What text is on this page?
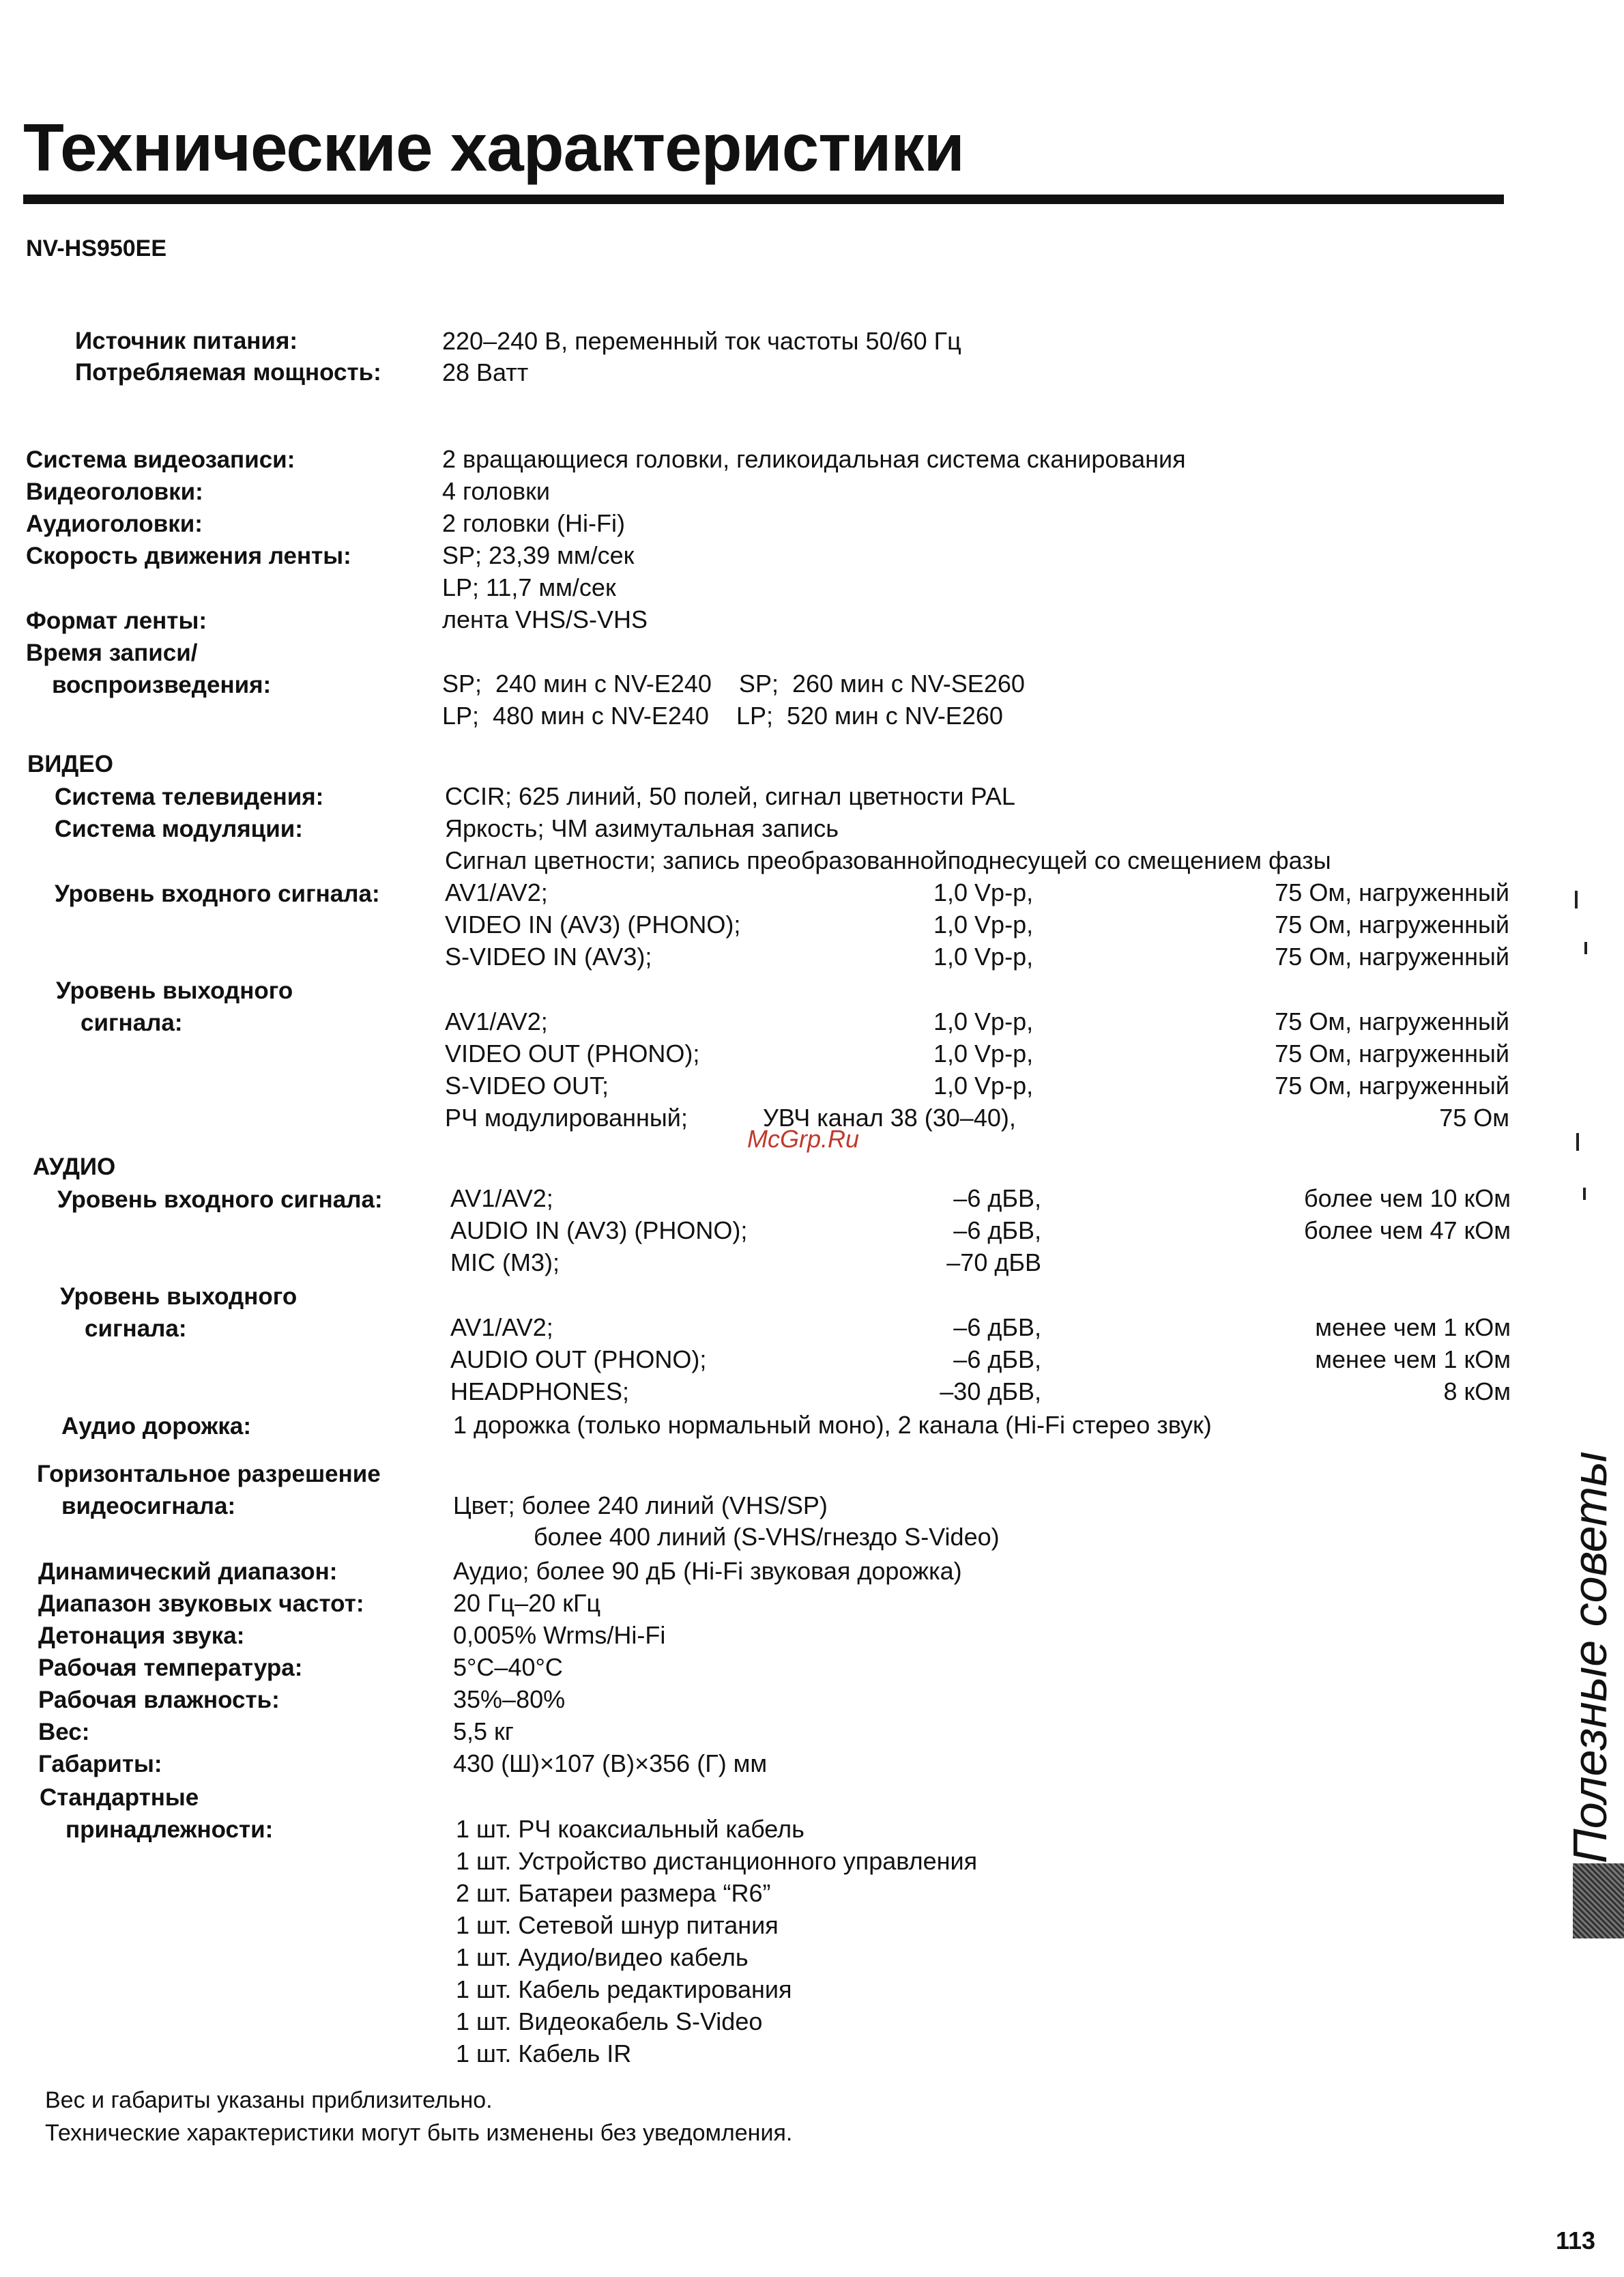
Технические характеристики
NV-HS950EE
Источник питания:	220–240 В, переменный ток частоты 50/60 Гц
Потребляемая мощность: 28 Ватт
Система видеозаписи:	2 вращающиеся головки, геликоидальная система сканирования
Видеоголовки:	4 головки
Аудиоголовки:	2 головки (Hi-Fi)
Скорость движения ленты:	SP; 23,39 мм/сек
LP; 11,7 мм/сек
Формат ленты:	лента VHS/S-VHS
Время записи/
воспроизведения:	SP;  240 мин с NV-E240    SP;  260 мин с NV-SE260
LP;  480 мин с NV-E240    LP;  520 мин с NV-E260
ВИДЕО
Система телевидения:	CCIR; 625 линий, 50 полей, сигнал цветности PAL
Система модуляции:	Яркость; ЧМ азимутальная запись
Сигнал цветности; запись преобразованнойподнесущей со смещением фазы
Уровень входного сигнала:	AV1/AV2;	1,0 Vp-p,	75 Ом, нагруженный
VIDEO IN (AV3) (PHONO);	1,0 Vp-p,	75 Ом, нагруженный
S-VIDEO IN (AV3);	1,0 Vp-p,	75 Ом, нагруженный
Уровень выходного
сигнала:	AV1/AV2;	1,0 Vp-p,	75 Ом, нагруженный
VIDEO OUT (PHONO);	1,0 Vp-p,	75 Ом, нагруженный
S-VIDEO OUT;	1,0 Vp-p,	75 Ом, нагруженный
РЧ модулированный;	УВЧ канал 38 (30–40),	75 Ом
McGrp.Ru
АУДИО
Уровень входного сигнала:	AV1/AV2;	–6 дБВ,	более чем 10 кОм
AUDIO IN (AV3) (PHONO);	–6 дБВ,	более чем 47 кОм
MIC (M3);	–70 дБВ
Уровень выходного
сигнала:	AV1/AV2;	–6 дБВ,	менее чем 1 кОм
AUDIO OUT (PHONO);	–6 дБВ,	менее чем 1 кОм
HEADPHONES;	–30 дБВ,	8 кОм
Аудио дорожка:	1 дорожка (только нормальный моно), 2 канала (Hi-Fi стерео звук)
Горизонтальное разрешение
видеосигнала:	Цвет; более 240 линий (VHS/SP)
более 400 линий (S-VHS/гнездо S-Video)
Динамический диапазон:	Аудио; более 90 дБ (Hi-Fi звуковая дорожка)
Диапазон звуковых частот:	20 Гц–20 кГц
Детонация звука:	0,005% Wrms/Hi-Fi
Рабочая температура:	5°C–40°C
Рабочая влажность:	35%–80%
Вес:	5,5 кг
Габариты:	430 (Ш)×107 (В)×356 (Г) мм
Стандартные
принадлежности:	1 шт. РЧ коаксиальный кабель
1 шт. Устройство дистанционного управления
2 шт. Батареи размера “R6”
1 шт. Сетевой шнур питания
1 шт. Аудио/видео кабель
1 шт. Кабель редактирования
1 шт. Видеокабель S-Video
1 шт. Кабель IR
Вес и габариты указаны приблизительно.
Технические характеристики могут быть изменены без уведомления.
Полезные советы
113
